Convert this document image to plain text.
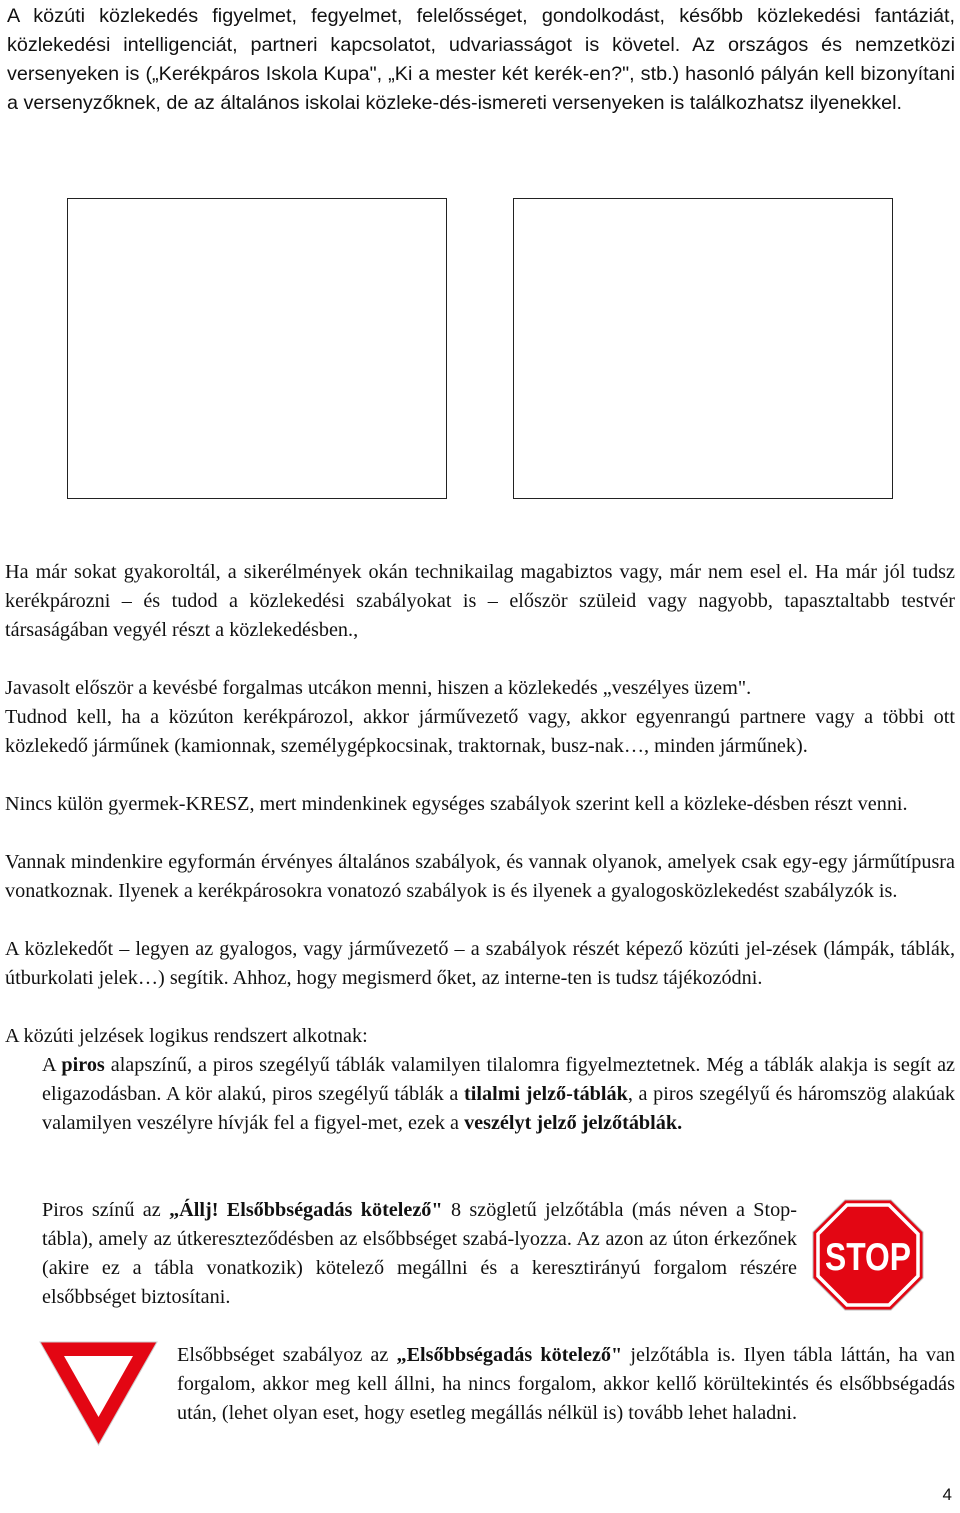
A közúti közlekedés figyelmet, fegyelmet, felelősséget, gondolkodást, később közlekedési fantáziát, közlekedési intelligenciát, partneri kapcsolatot, udvariasságot is követel. Az országos és nemzetközi versenyeken is („Kerékpáros Iskola Kupa", „Ki a mester két kerék-en?", stb.) hasonló pályán kell bizonyítani a versenyzőknek, de az általános iskolai közleke-dés-ismereti versenyeken is találkozhatsz ilyenekkel.

Ha már sokat gyakoroltál, a sikerélmények okán technikailag magabiztos vagy, már nem esel el. Ha már jól tudsz kerékpározni – és tudod a közlekedési szabályokat is – először szüleid vagy nagyobb, tapasztaltabb testvér társaságában vegyél részt a közlekedésben.,

Javasolt először a kevésbé forgalmas utcákon menni, hiszen a közlekedés „veszélyes üzem".

Tudnod kell, ha a közúton kerékpározol, akkor járművezető vagy, akkor egyenrangú partnere vagy a többi ott közlekedő járműnek (kamionnak, személygépkocsinak, traktornak, busz-nak…, minden járműnek).

Nincs külön gyermek-KRESZ, mert mindenkinek egységes szabályok szerint kell a közleke-désben részt venni.

Vannak mindenkire egyformán érvényes általános szabályok, és vannak olyanok, amelyek csak egy-egy járműtípusra vonatkoznak. Ilyenek a kerékpárosokra vonatozó szabályok is és ilyenek a gyalogosközlekedést szabályzók is.

A közlekedőt – legyen az gyalogos, vagy járművezető – a szabályok részét képező közúti jel-zések (lámpák, táblák, útburkolati jelek…) segítik. Ahhoz, hogy megismerd őket, az interne-ten is tudsz tájékozódni.

A közúti jelzések logikus rendszert alkotnak:

A piros alapszínű, a piros szegélyű táblák valamilyen tilalomra figyelmeztetnek. Még a táblák alakja is segít az eligazodásban. A kör alakú, piros szegélyű táblák a tilalmi jelző-táblák, a piros szegélyű és háromszög alakúak valamilyen veszélyre hívják fel a figyel-met, ezek a veszélyt jelző jelzőtáblák.

Piros színű az „Állj! Elsőbbségadás kötelező" 8 szögletű jelzőtábla (más néven a Stop-tábla), amely az útkereszteződésben az elsőbbséget szabá-lyozza. Az azon az úton érkezőnek (akire ez a tábla vonatkozik) kötelező megállni és a keresztirányú forgalom részére elsőbbséget biztosítani.

STOP

Elsőbbséget szabályoz az „Elsőbbségadás kötelező" jelzőtábla is. Ilyen tábla láttán, ha van forgalom, akkor meg kell állni, ha nincs forgalom, akkor kellő körültekintés és elsőbbségadás után, (lehet olyan eset, hogy esetleg megállás nélkül is) tovább lehet haladni.

4
